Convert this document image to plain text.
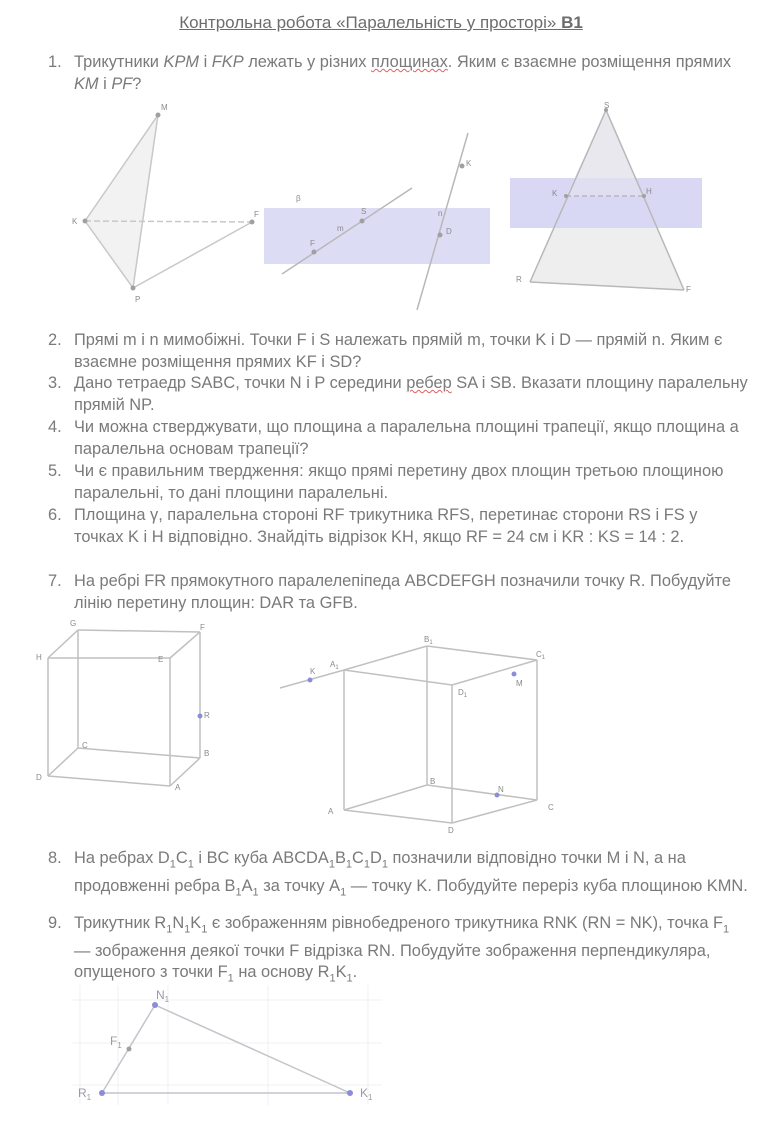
Контрольна робота «Паралельність у просторі» В1
1. Трикутники KPM і FKP лежать у різних площинах. Яким є взаємне розміщення прямих KM і PF?
2. Прямі m і n мимобіжні. Точки F і S належать прямій m, точки K і D — прямій n. Яким є взаємне розміщення прямих KF і SD?
3. Дано тетраедр SABC, точки N і P середини ребер SA і SB. Вказати площину паралельну прямій NP.
4. Чи можна стверджувати, що площина а паралельна площині трапеції, якщо площина а паралельна основам трапеції?
5. Чи є правильним твердження: якщо прямі перетину двох площин третьою площиною паралельні, то дані площини паралельні.
6. Площина γ, паралельна стороні RF трикутника RFS, перетинає сторони RS і FS у точках K і H відповідно. Знайдіть відрізок KH, якщо RF = 24 см і KR : KS = 14 : 2.
7. На ребрі FR прямокутного паралелепіпеда ABCDEFGH позначили точку R. Побудуйте лінію перетину площин: DAR та GFB.
8. На ребрах $D_1C_1$ і BC куба $ABCDA_1B_1C_1D_1$ позначили відповідно точки M і N, а на продовженні ребра $B_1A_1$ за точку $A_1$ — точку K. Побудуйте переріз куба площиною KMN.
9. Трикутник $R_1N_1K_1$ є зображенням рівнобедреного трикутника RNK (RN = NK), точка $F_1$ — зображення деякої точки F відрізка RN. Побудуйте зображення перпендикуляра, опущеного з точки $F_1$ на основу $R_1K_1$.
M
K
F
P
β
S
m
F
K
n
D
S
K	H
R
F
G	F
H	E
R
C
B
D
A
$B_1$
$C_1$
K
$A_1$
M
$D_1$
B
N
A	C
D
$N_1$
$F_1$
$R_1$	$K_1$
